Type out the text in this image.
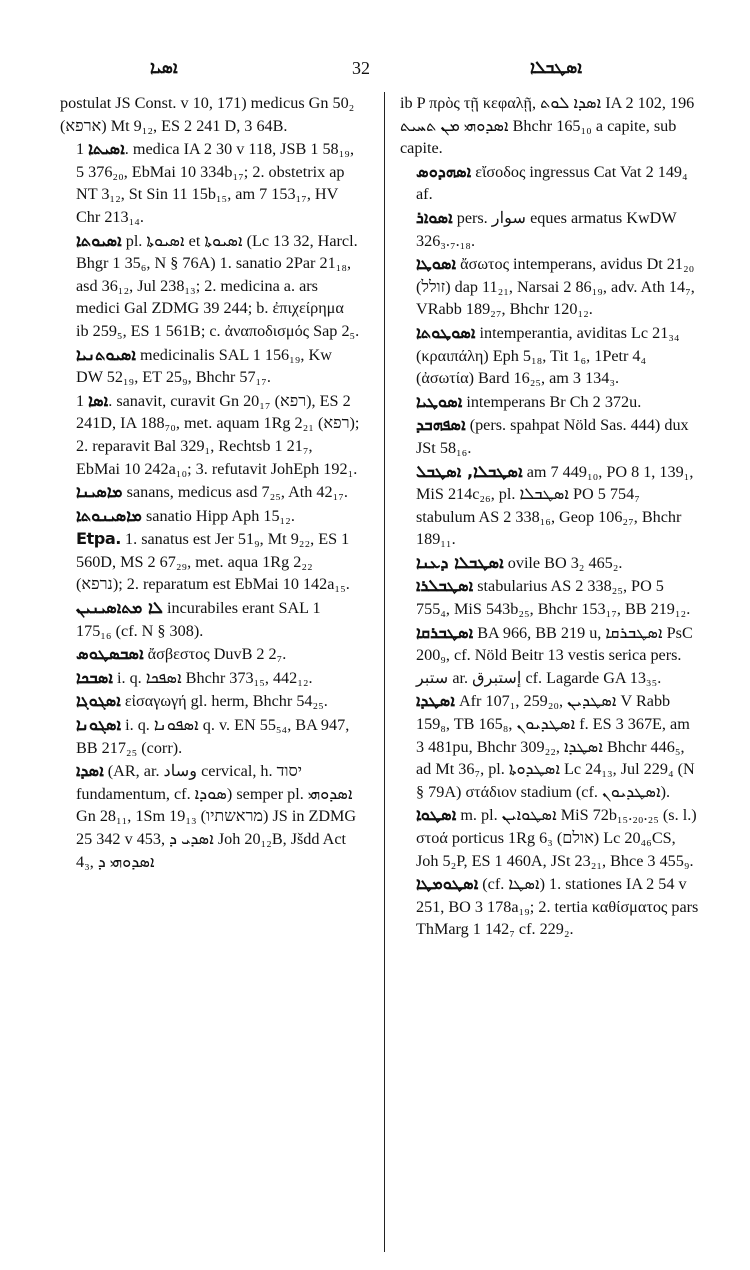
ܐܣܝܐ	32	ܐܣܛܒܠܐ
postulat JS Const. v 10, 171) medicus Gn 50₂ (א‍ר‍פ‍א) Mt 9₁₂, ES 2 241 D, 3 64B.
ܐܣܝܬܐ 1. medica IA 2 30 v 118, JSB 1 58₁₉, 5 376₂₀, EbMai 10 334b₁₇; 2. obstetrix ap NT 3₁₂, St Sin 11 15b₁₅, am 7 153₁₇, HV Chr 213₁₄.
ܐܣܝܘܬܐ pl. ܐܣܝܘܬܐ et ܐܣܝܘܬܐ (Lc 13 32, Harcl. Bhgr 1 35₆, N § 76A) 1. sanatio 2Par 21₁₈, asd 36₁₂, Jul 238₁₃; 2. medicina a. ars medici Gal ZDMG 39 244; b. ἐπιχείρημα ib 259₅, ES 1 561B; c. ἀναποδισμός Sap 2₅.
ܐܣܝܘܬܢܝܐ medicinalis SAL 1 156₁₉, Kw DW 52₁₉, ET 25₉, Bhchr 57₁₇.
ܐܣܐ 1. sanavit, curavit Gn 20₁₇ (ר‍פ‍א), ES 2 241D, IA 188₇₀, met. aquam 1Rg 2₂₁ (ר‍פ‍א); 2. reparavit Bal 329₁, Rechtsb 1 21₇, EbMai 10 242a₁₀; 3. refutavit JohEph 192₁.
ܡܐܣܝܢܐ sanans, medicus asd 7₂₅, Ath 42₁₇.
ܡܐܣܝܢܘܬܐ sanatio Hipp Aph 15₁₂.
Etpa. 1. sanatus est Jer 51₉, Mt 9₂₂, ES 1 560D, MS 2 67₂₉, met. aqua 1Rg 2₂₂ (נ‍ר‍פ‍א); 2. reparatum est EbMai 10 142a₁₅.
ܠܐ ܡܬܐܣܝܢܝܢ incurabiles erant SAL 1 175₁₆ (cf. N § 308).
ܐܣܒܣܛܘܣ ἄσβεστος DuvB 2 2₇.
ܐܣܒܟܐ i. q. ܐܣܦܟܐ Bhchr 373₁₅, 442₁₂.
ܐܣܓܘܓܐ εἰσαγωγή gl. herm, Bhchr 54₂₅.
ܐܣܓܘܢܐ i. q. ܐܣܦܘܢܐ q. v. EN 55₅₄, BA 947, BB 217₂₅ (corr).
ܐܣܕܐ (AR, ar. وساد cervical, h. י‍ס‍ו‍ד fundamentum, cf. ܣܘܕܐ) semper pl. ܐܣܕܘܗܝ Gn 28₁₁, 1Sm 19₁₃ (מ‍ר‍א‍ש‍ת‍י‍ו) JS in ZDMG 25 342 v 453, ܐܣܕܝ ܕ Joh 20₁₂B, Jšdd Act 4₃, ܐܣܕܘܗܝ ܕ
ib P πρὸς τῇ κεφαλῇ, ܐܣܕܐ ܠܘܬ IA 2 102, 196 ܐܣܕܘܗܝ ܡܢ ܬܚܝܬ Bhchr 165₁₀ a capite, sub capite.
ܐܣܗܕܘܣ εἴσοδος ingressus Cat Vat 2 149₄ af.
ܐܣܘܐܪ pers. سوار eques armatus KwDW 326₃.₇.₁₈.
ܐܣܘܛܐ ἄσωτος intemperans, avidus Dt 21₂₀ (ז‍ו‍ל‍ל) dap 11₂₁, Narsai 2 86₁₉, adv. Ath 14₇, VRabb 189₂₇, Bhchr 120₁₂.
ܐܣܘܛܘܬܐ intemperantia, aviditas Lc 21₃₄ (κραιπάλη) Eph 5₁₈, Tit 1₆, 1Petr 4₄ (ἀσωτία) Bard 16₂₅, am 3 134₃.
ܐܣܘܛܝܐ intemperans Br Ch 2 372u.
ܐܣܦܗܒܕ (pers. spahpat Nöld Sas. 444) dux JSt 58₁₆.
ܐܣܛܒܠܐ, ܐܣܛܒܠ am 7 449₁₀, PO 8 1, 139₁, MiS 214c₂₆, pl. ܐܣܛܒܠܐ PO 5 754₇ stabulum AS 2 338₁₆, Geop 106₂₇, Bhchr 189₁₁.
ܐܣܛܒܠܐ ܕܥܢܐ ovile BO 3₂ 465₂.
ܐܣܛܒܠܪܐ stabularius AS 2 338₂₅, PO 5 755₄, MiS 543b₂₅, Bhchr 153₁₇, BB 219₁₂.
ܐܣܛܒܪܩܐ BA 966, BB 219 u, ܐܣܛܒܪܩܐ PsC 200₉, cf. Nöld Beitr 13 vestis serica pers. ستبر ar. إستبرق cf. Lagarde GA 13₃₅.
ܐܣܛܕܐ Afr 107₁, 259₂₀, ܐܣܛܕܝܢ V Rabb 159₈, TB 165₈, ܐܣܛܕܝܘܢ f. ES 3 367E, am 3 481pu, Bhchr 309₂₂, ܐܣܛܕܐ Bhchr 446₅, ad Mt 36₇, pl. ܐܣܛܕܘܬܐ Lc 24₁₃, Jul 229₄ (N § 79A) στάδιον stadium (cf. ܐܣܛܕܝܘܢ).
ܐܣܛܘܐ m. pl. ܐܣܛܘܐܝܢ MiS 72b₁₅.₂₀.₂₅ (s. l.) στοά porticus 1Rg 6₃ (א‍ו‍ל‍ם) Lc 20₄₆CS, Joh 5₂P, ES 1 460A, JSt 23₂₁, Bhce 3 455₉.
ܐܣܛܘܡܛܐ (cf. ܐܣܛܐ) 1. stationes IA 2 54 v 251, BO 3 178a₁₉; 2. tertia καθίσματος pars ThMarg 1 142₇ cf. 229₂.
